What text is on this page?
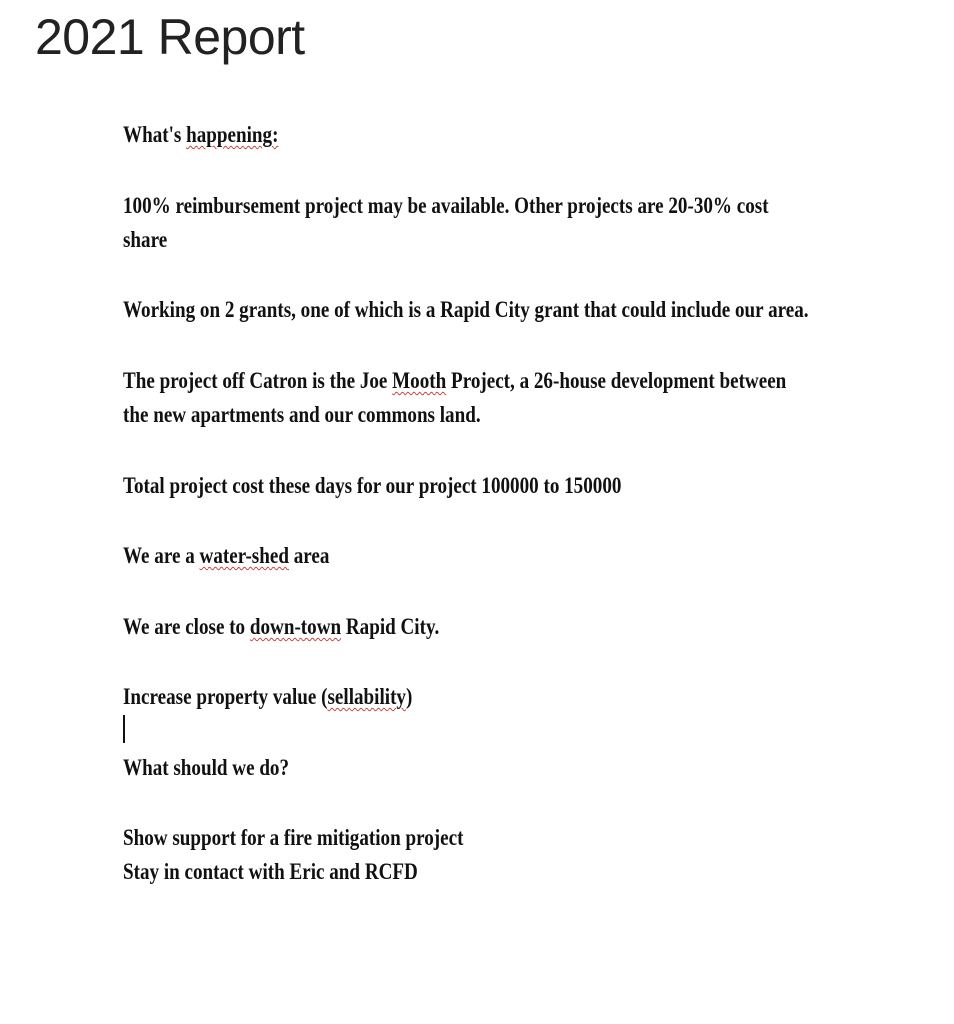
2021 Report
What's happening:
100% reimbursement project may be available. Other projects are 20-30% cost
share
Working on 2 grants, one of which is a Rapid City grant that could include our area.
The project off Catron is the Joe Mooth Project, a 26-house development between
the new apartments and our commons land.
Total project cost these days for our project 100000 to 150000
We are a water-shed area
We are close to down-town Rapid City.
Increase property value (sellability)
What should we do?
Show support for a fire mitigation project
Stay in contact with Eric and RCFD
